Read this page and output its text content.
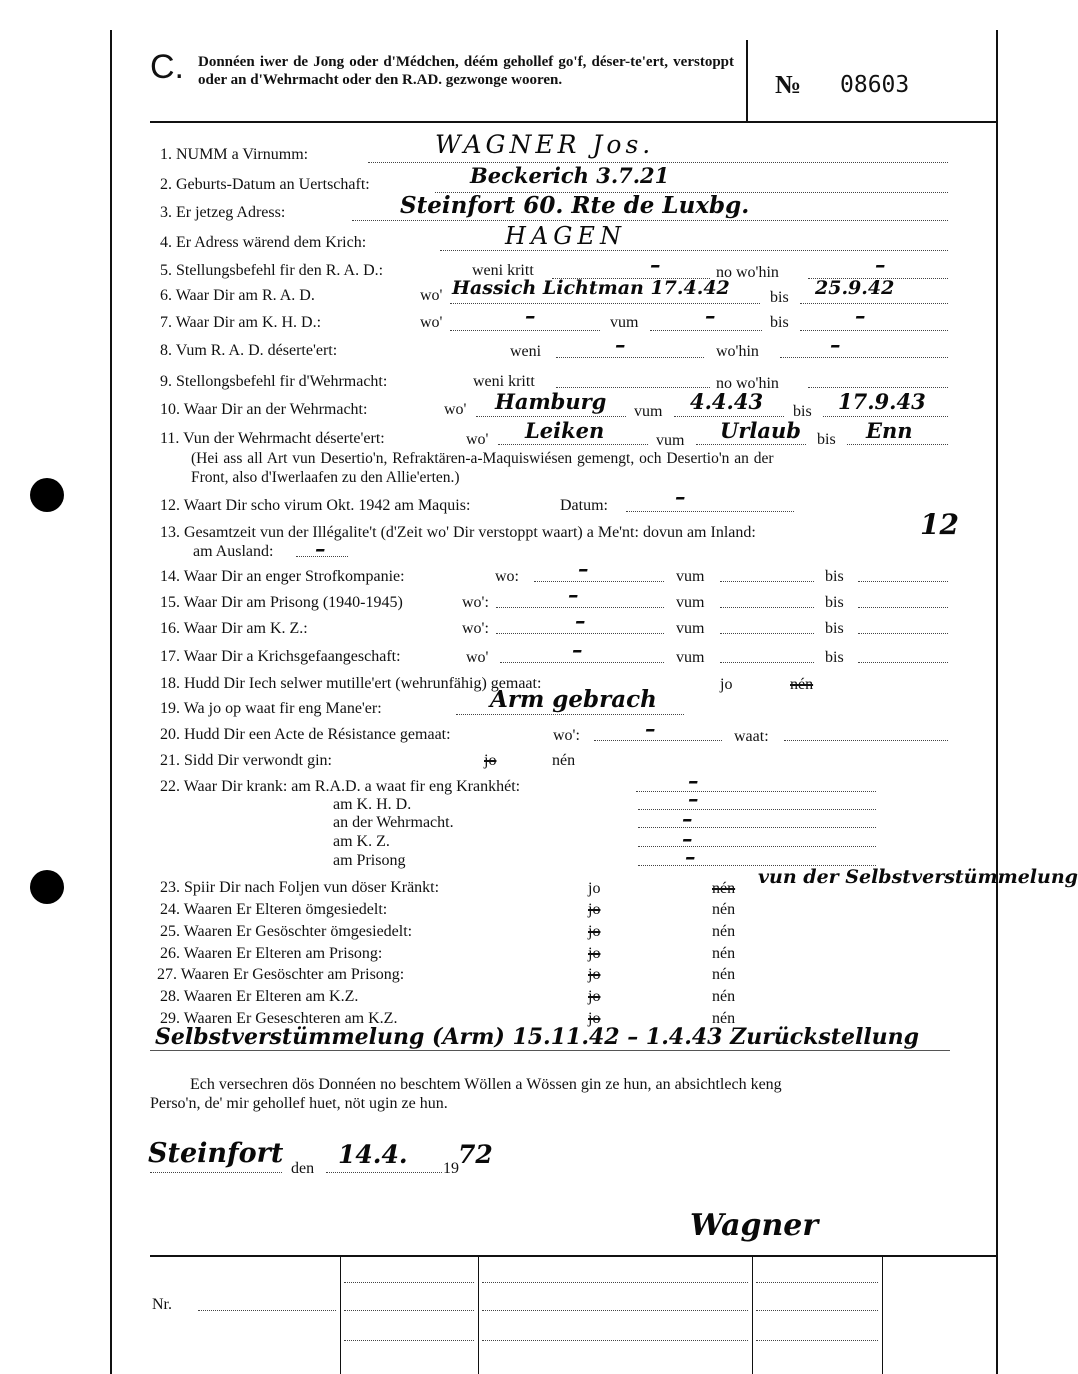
C. Donnéen iwer de Jong oder d'Médchen, déém gehollef go'f, déser-te'ert, verstoppt oder an d'Wehrmacht oder den R.AD. gezwonge wooren.	№ 08603
1. NUMM a Virnumm:	WAGNER Jos.
2. Geburts-Datum an Uertschaft:	Beckerich 3.7.21
3. Er jetzeg Adress:	Steinfort 60. Rte de Luxbg.
4. Er Adress wärend dem Krich:	HAGEN
5. Stellungsbefehl fir den R. A. D.:	weni kritt	–	no wo'hin	–
6. Waar Dir am R. A. D.	wo' Hassich Lichtman 17.4.42	bis 25.9.42
7. Waar Dir am K. H. D.:	wo'	–	vum	–	bis	–
8. Vum R. A. D. déserte'ert:	weni	–	wo'hin	–
9. Stellongsbefehl fir d'Wehrmacht:	weni kritt	no wo'hin
10. Waar Dir an der Wehrmacht:	wo' Hamburg vum 4.4.43 bis 17.9.43
11. Vun der Wehrmacht déserte'ert:	wo' Leiken	vum Urlaub bis Enn
(Hei ass all Art vun Desertio'n, Refraktären-a-Maquiswiésen gemengt, och Desertio'n an der
Front, also d'Iwerlaafen zu den Allie'erten.)
12. Waart Dir scho virum Okt. 1942 am Maquis:	Datum:	–
13. Gesamtzeit vun der Illégalite't (d'Zeit wo' Dir verstoppt waart) a Me'nt: dovun am Inland:	12
am Ausland: –
14. Waar Dir an enger Strofkompanie:	wo:	–	vum	bis
15. Waar Dir am Prisong (1940-1945)	wo':	–	vum	bis
16. Waar Dir am K. Z.:	wo':	–	vum	bis
17. Waar Dir a Krichsgefaangeschaft:	wo'	–	vum	bis
18. Hudd Dir Iech selwer mutille'ert (wehrunfähig) gemaat:	jo	nén
19. Wa jo op waat fir eng Mane'er:	Arm gebrach
20. Hudd Dir een Acte de Résistance gemaat:	wo':	–	waat:
21. Sidd Dir verwondt gin:	jo	nén
22. Waar Dir krank: am R.A.D. a waat fir eng Krankhét:	–
am K. H. D.	–
an der Wehrmacht.	–
am K. Z.	–
am Prisong	–
23. Spiir Dir nach Foljen vun döser Kränkt:	jo	nén
vun der Selbstverstümmelung
24. Waaren Er Elteren ömgesiedelt:	jo	nén
25. Waaren Er Gesöschter ömgesiedelt:	jo	nén
26. Waaren Er Elteren am Prisong:	jo	nén
27. Waaren Er Gesöschter am Prisong:	jo	nén
28. Waaren Er Elteren am K.Z.	jo	nén
29. Waaren Er Geseschteren am K.Z.	jo	nén
Selbstverstümmelung (Arm) 15.11.42 – 1.4.43 Zurückstellung
Ech versechren dös Donnéen no beschtem Wöllen a Wössen gin ze hun, an absichtlech keng
Perso'n, de' mir gehollef huet, nöt ugin ze hun.
Steinfort den 14.4. 19 72
Wagner
Nr.
